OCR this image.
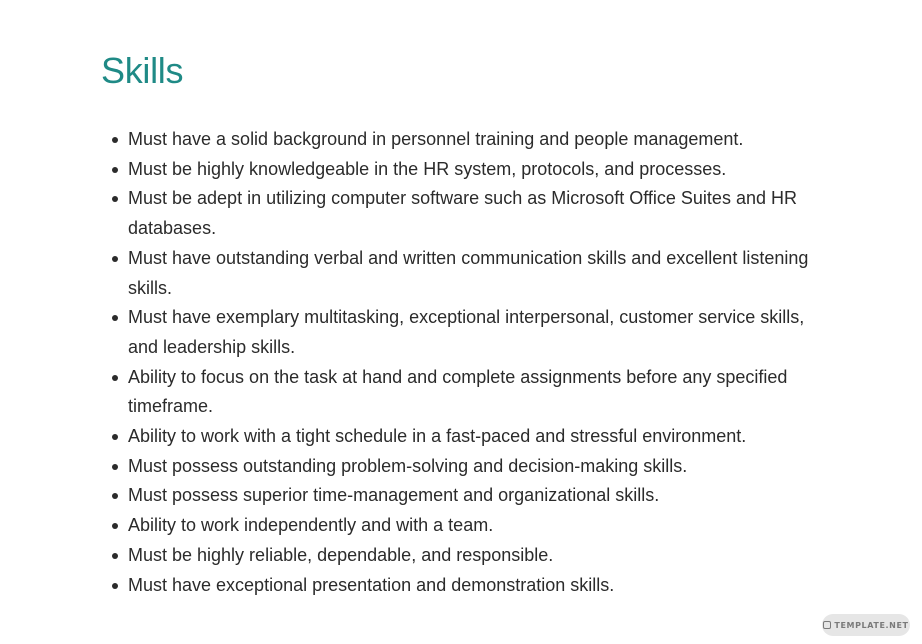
Skills
Must have a solid background in personnel training and people management.
Must be highly knowledgeable in the HR system, protocols, and processes.
Must be adept in utilizing computer software such as Microsoft Office Suites and HR databases.
Must have outstanding verbal and written communication skills and excellent listening skills.
Must have exemplary multitasking, exceptional interpersonal, customer service skills, and leadership skills.
Ability to focus on the task at hand and complete assignments before any specified timeframe.
Ability to work with a tight schedule in a fast-paced and stressful environment.
Must possess outstanding problem-solving and decision-making skills.
Must possess superior time-management and organizational skills.
Ability to work independently and with a team.
Must be highly reliable, dependable, and responsible.
Must have exceptional presentation and demonstration skills.
TEMPLATE.NET
